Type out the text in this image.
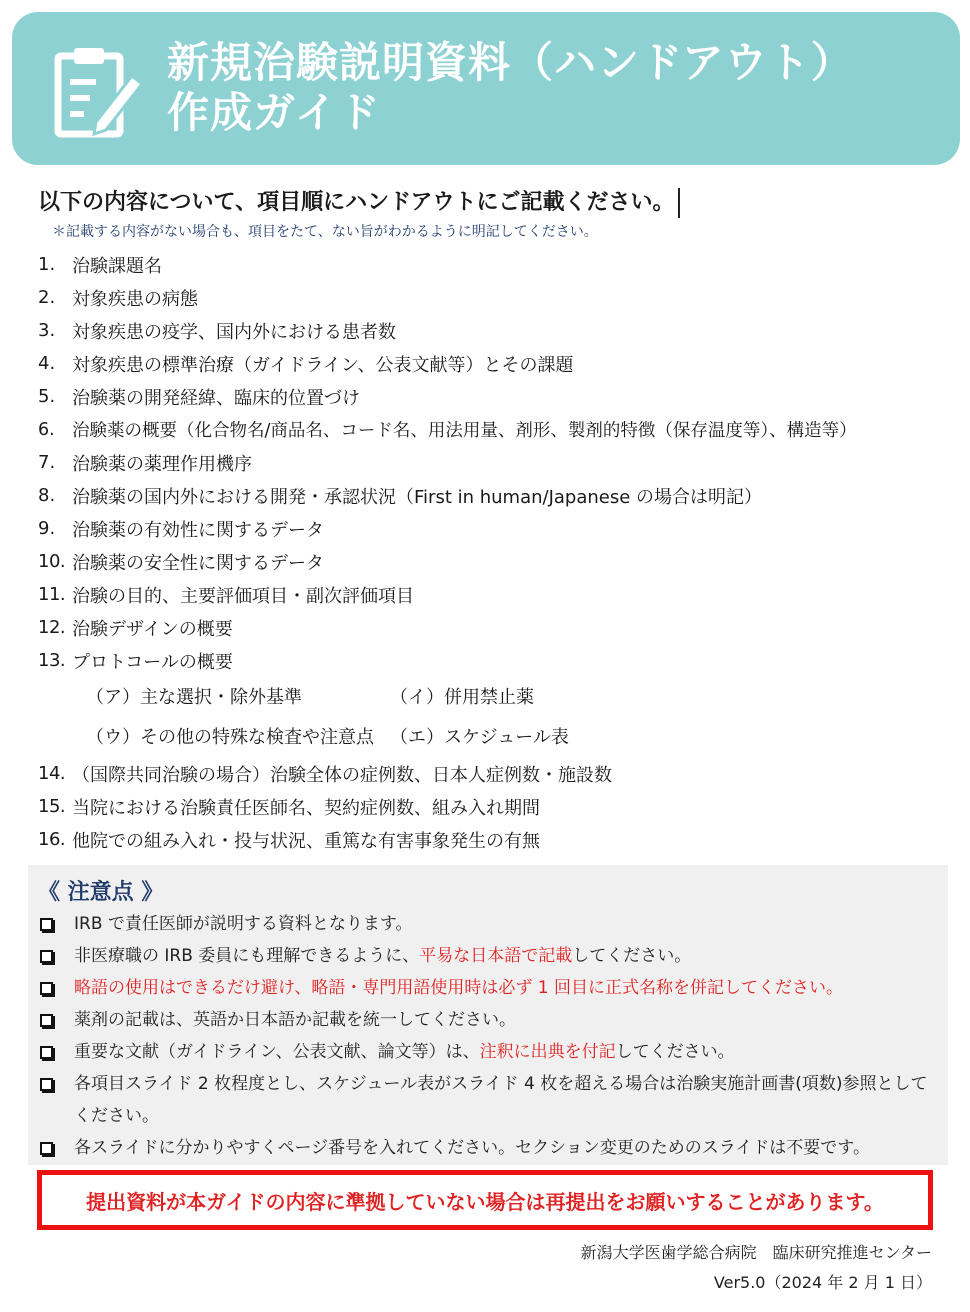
新規治験説明資料（ハンドアウト）
作成ガイド
以下の内容について、項目順にハンドアウトにご記載ください。
＊記載する内容がない場合も、項目をたて、ない旨がわかるように明記してください。
1. 治験課題名
2. 対象疾患の病態
3. 対象疾患の疫学、国内外における患者数
4. 対象疾患の標準治療（ガイドライン、公表文献等）とその課題
5. 治験薬の開発経緯、臨床的位置づけ
6. 治験薬の概要（化合物名/商品名、コード名、用法用量、剤形、製剤的特徴（保存温度等）、構造等）
7. 治験薬の薬理作用機序
8. 治験薬の国内外における開発・承認状況（First in human/Japanese の場合は明記）
9. 治験薬の有効性に関するデータ
10. 治験薬の安全性に関するデータ
11. 治験の目的、主要評価項目・副次評価項目
12. 治験デザインの概要
13. プロトコールの概要
（ア）主な選択・除外基準	（イ）併用禁止薬
（ウ）その他の特殊な検査や注意点 （エ）スケジュール表
14. （国際共同治験の場合）治験全体の症例数、日本人症例数・施設数
15. 当院における治験責任医師名、契約症例数、組み入れ期間
16. 他院での組み入れ・投与状況、重篤な有害事象発生の有無
《 注意点 》
IRB で責任医師が説明する資料となります。
非医療職の IRB 委員にも理解できるように、平易な日本語で記載してください。
略語の使用はできるだけ避け、略語・専門用語使用時は必ず 1 回目に正式名称を併記してください。
薬剤の記載は、英語か日本語か記載を統一してください。
重要な文献（ガイドライン、公表文献、論文等）は、注釈に出典を付記してください。
各項目スライド 2 枚程度とし、スケジュール表がスライド 4 枚を超える場合は治験実施計画書(項数)参照としてください。
各スライドに分かりやすくページ番号を入れてください。セクション変更のためのスライドは不要です。
提出資料が本ガイドの内容に準拠していない場合は再提出をお願いすることがあります。
新潟大学医歯学総合病院　臨床研究推進センター
Ver5.0（2024 年 2 月 1 日）
